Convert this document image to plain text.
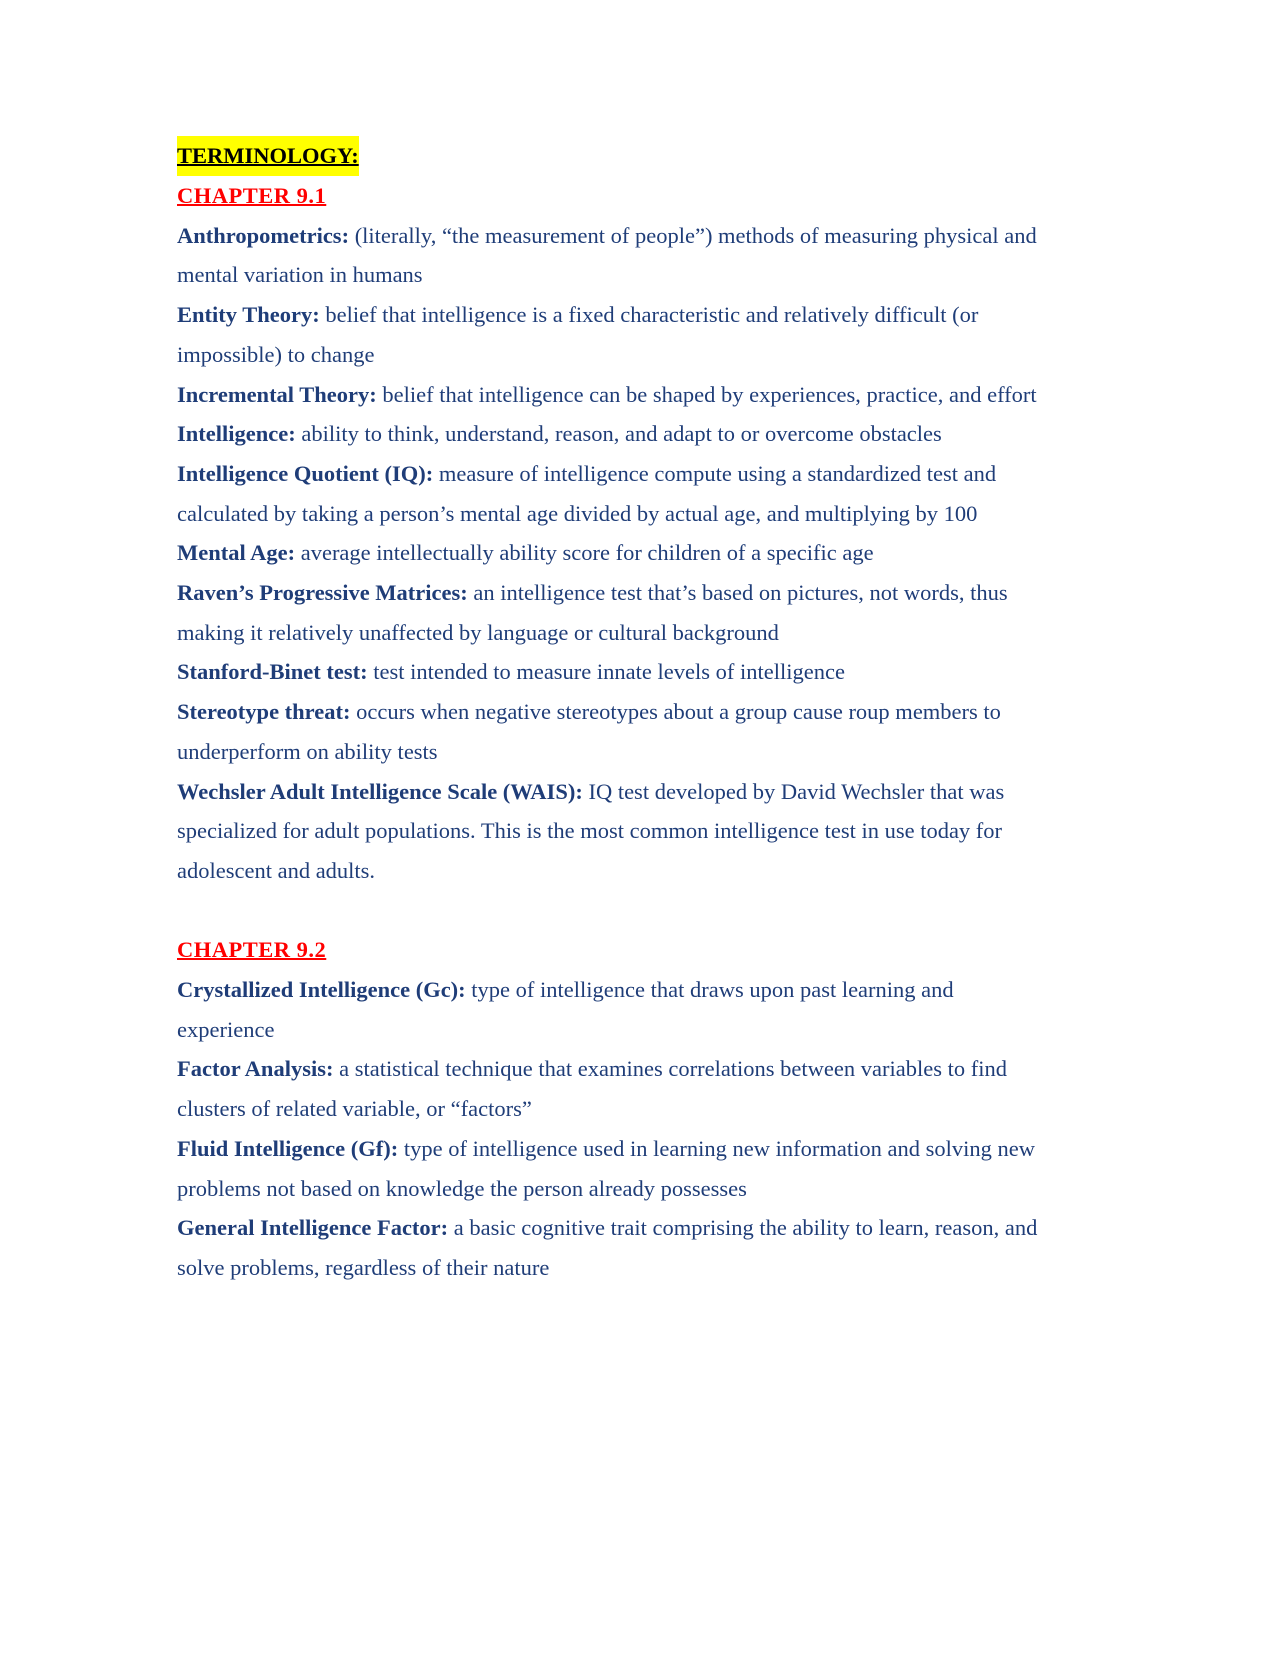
TERMINOLOGY:
CHAPTER 9.1

Anthropometrics: (literally, “the measurement of people”) methods of measuring physical and mental variation in humans

Entity Theory: belief that intelligence is a fixed characteristic and relatively difficult (or impossible) to change

Incremental Theory: belief that intelligence can be shaped by experiences, practice, and effort

Intelligence: ability to think, understand, reason, and adapt to or overcome obstacles

Intelligence Quotient (IQ): measure of intelligence compute using a standardized test and calculated by taking a person’s mental age divided by actual age, and multiplying by 100

Mental Age: average intellectually ability score for children of a specific age

Raven’s Progressive Matrices: an intelligence test that’s based on pictures, not words, thus making it relatively unaffected by language or cultural background

Stanford-Binet test: test intended to measure innate levels of intelligence

Stereotype threat: occurs when negative stereotypes about a group cause roup members to underperform on ability tests

Wechsler Adult Intelligence Scale (WAIS): IQ test developed by David Wechsler that was specialized for adult populations. This is the most common intelligence test in use today for adolescent and adults.

CHAPTER 9.2

Crystallized Intelligence (Gc): type of intelligence that draws upon past learning and experience

Factor Analysis: a statistical technique that examines correlations between variables to find clusters of related variable, or “factors”

Fluid Intelligence (Gf): type of intelligence used in learning new information and solving new problems not based on knowledge the person already possesses

General Intelligence Factor: a basic cognitive trait comprising the ability to learn, reason, and solve problems, regardless of their nature
